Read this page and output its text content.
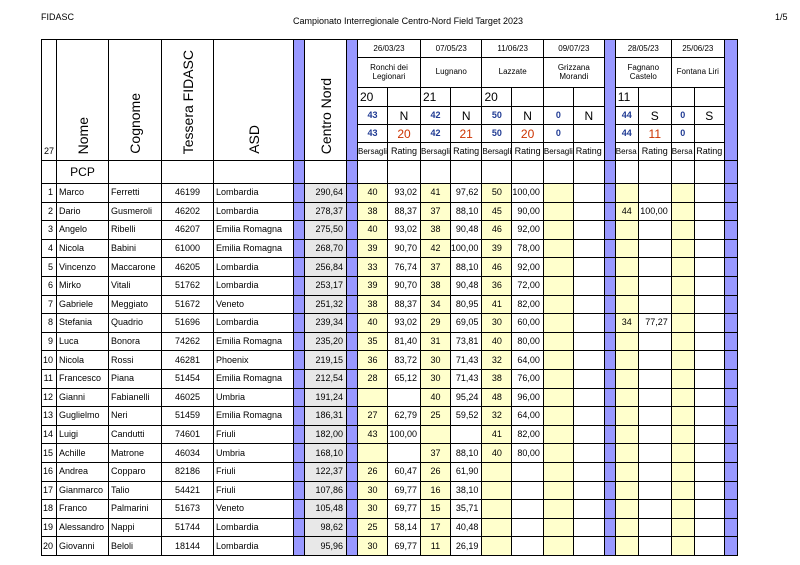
FIDASC	Campionato Interregionale Centro-Nord Field Target 2023	1/5
27	Nome	Cognome	Tessera FIDASC	ASD		Centro Nord		26/03/23		07/05/23		11/06/23		09/07/23			28/05/23		25/06/23		
								Ronchi dei Legionari		Lugnano		Lazzate		Grizzana Morandi			Fagnano Castelo		Fontana Liri		
								20		21		20					11				
								43	N	42	N	50	N	0	N		44	S	0	S	
								43	20	42	21	50	20	0			44	11	0		
								Bersagli	Rating	Bersagli	Rating	Bersagli	Rating	Bersagli	Rating		Bersa	Rating	Bersa	Rating	
	PCP																				
1	Marco	Ferretti	46199	Lombardia		290,64		40	93,02	41	97,62	50	100,00								
2	Dario	Gusmeroli	46202	Lombardia		278,37		38	88,37	37	88,10	45	90,00				44	100,00			
3	Angelo	Ribelli	46207	Emilia Romagna		275,50		40	93,02	38	90,48	46	92,00								
4	Nicola	Babini	61000	Emilia Romagna		268,70		39	90,70	42	100,00	39	78,00								
5	Vincenzo	Maccarone	46205	Lombardia		256,84		33	76,74	37	88,10	46	92,00								
6	Mirko	Vitali	51762	Lombardia		253,17		39	90,70	38	90,48	36	72,00								
7	Gabriele	Meggiato	51672	Veneto		251,32		38	88,37	34	80,95	41	82,00								
8	Stefania	Quadrio	51696	Lombardia		239,34		40	93,02	29	69,05	30	60,00				34	77,27			
9	Luca	Bonora	74262	Emilia Romagna		235,20		35	81,40	31	73,81	40	80,00								
10	Nicola	Rossi	46281	Phoenix		219,15		36	83,72	30	71,43	32	64,00								
11	Francesco	Piana	51454	Emilia Romagna		212,54		28	65,12	30	71,43	38	76,00								
12	Gianni	Fabianelli	46025	Umbria		191,24				40	95,24	48	96,00								
13	Guglielmo	Neri	51459	Emilia Romagna		186,31		27	62,79	25	59,52	32	64,00								
14	Luigi	Candutti	74601	Friuli		182,00		43	100,00			41	82,00								
15	Achille	Matrone	46034	Umbria		168,10				37	88,10	40	80,00								
16	Andrea	Copparo	82186	Friuli		122,37		26	60,47	26	61,90										
17	Gianmarco	Talio	54421	Friuli		107,86		30	69,77	16	38,10										
18	Franco	Palmarini	51673	Veneto		105,48		30	69,77	15	35,71										
19	Alessandro	Nappi	51744	Lombardia		98,62		25	58,14	17	40,48										
20	Giovanni	Beloli	18144	Lombardia		95,96		30	69,77	11	26,19										
